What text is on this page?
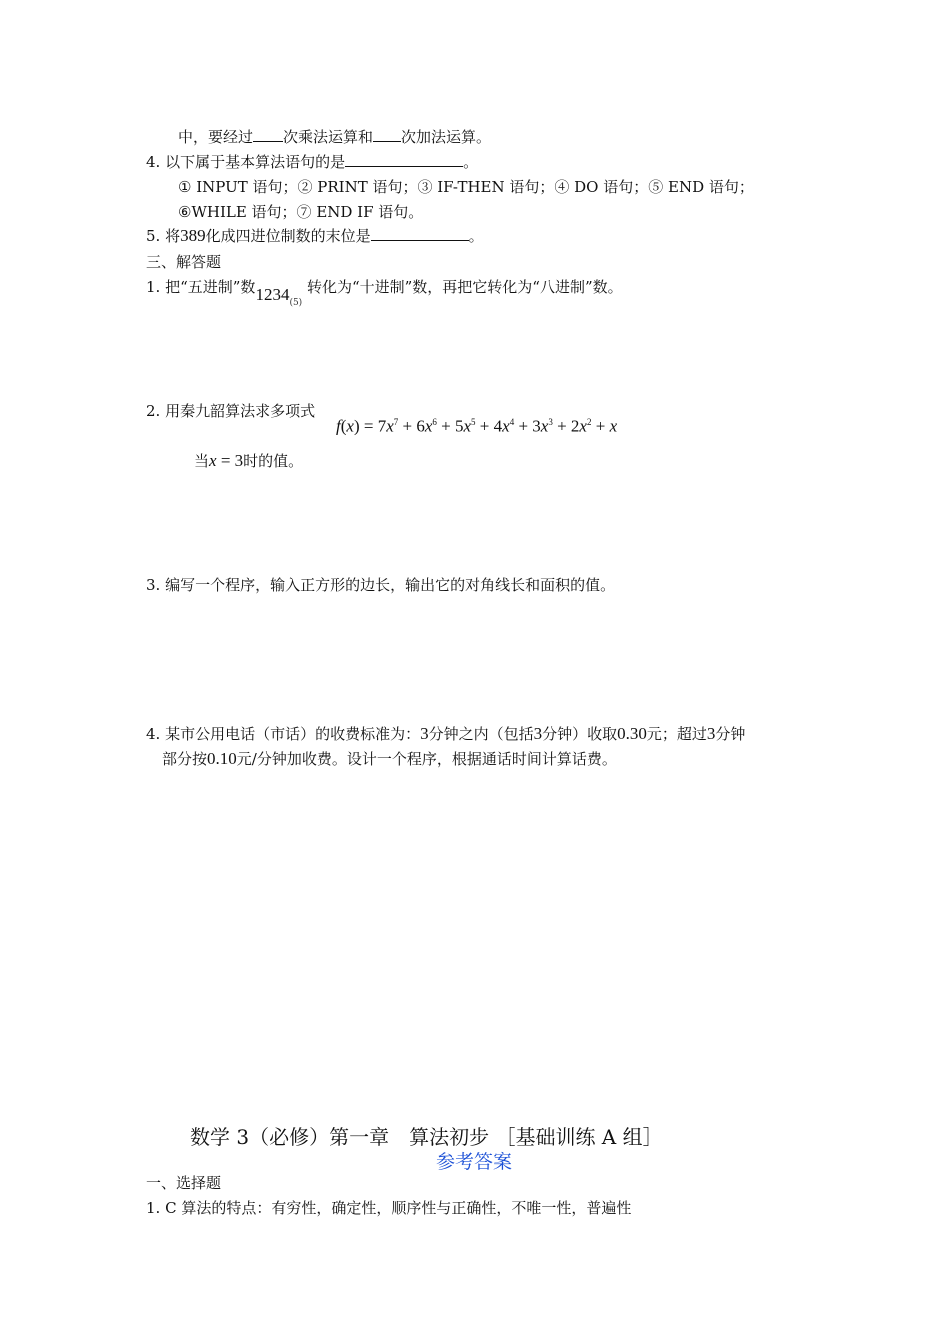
中，要经过 次乘法运算和 次加法运算。
4. 以下属于基本算法语句的是	。
① INPUT 语句；② PRINT 语句；③ IF-THEN 语句；④ DO 语句；⑤ END 语句；
⑥WHILE 语句；⑦ END IF 语句。
5. 将389化成四进位制数的末位是	。
三、解答题
1. 把“五进制”数$1234_{(5)}$ 转化为“十进制”数，再把它转化为“八进制”数。
2. 用秦九韶算法求多项式
$f(x) = 7x^7 + 6x^6 + 5x^5 + 4x^4 + 3x^3 + 2x^2 + x$
当x = 3时的值。
3. 编写一个程序，输入正方形的边长，输出它的对角线长和面积的值。
4. 某市公用电话（市话）的收费标准为：3分钟之内（包括3分钟）收取0.30元；超过3分钟
部分按0.10元/分钟加收费。设计一个程序，根据通话时间计算话费。
数学 3（必修）第一章　算法初步 ［基础训练 A 组］
参考答案
一、选择题
1. C 算法的特点：有穷性，确定性，顺序性与正确性，不唯一性，普遍性
